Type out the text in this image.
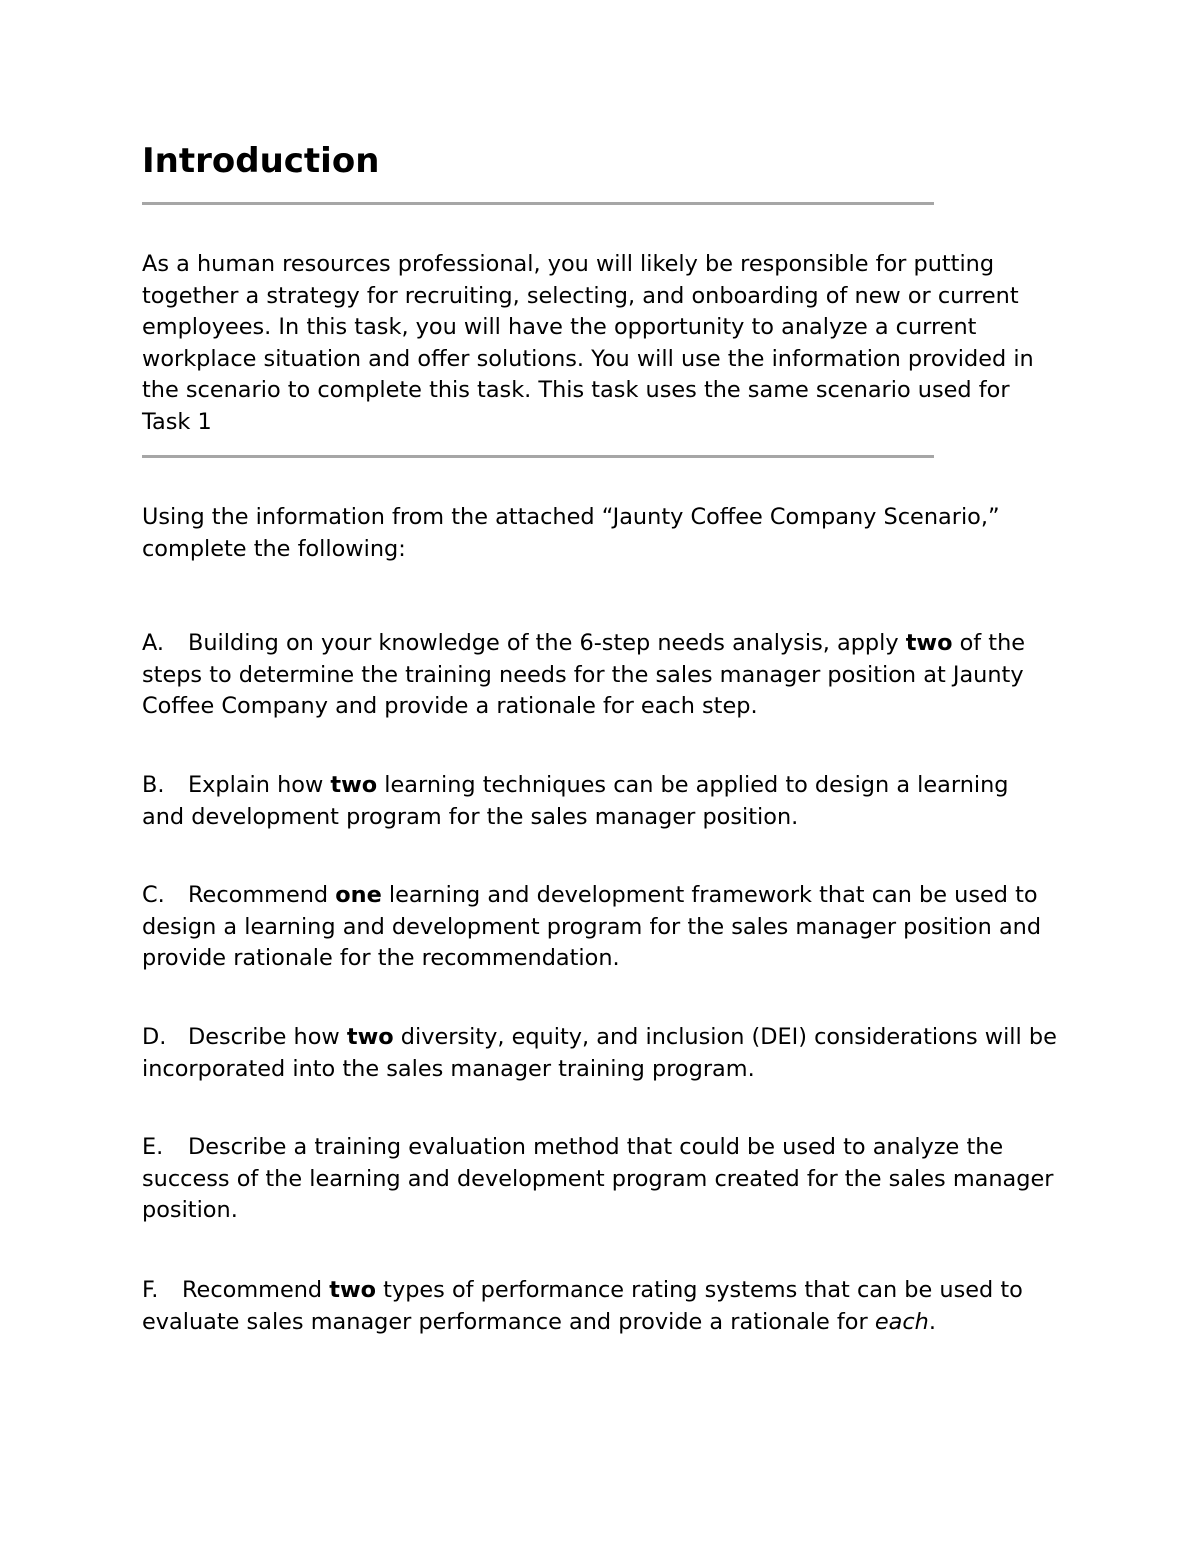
Introduction

As a human resources professional, you will likely be responsible for putting together a strategy for recruiting, selecting, and onboarding of new or current employees. In this task, you will have the opportunity to analyze a current workplace situation and offer solutions. You will use the information provided in the scenario to complete this task. This task uses the same scenario used for Task 1

Using the information from the attached “Jaunty Coffee Company Scenario,” complete the following:

A. Building on your knowledge of the 6-step needs analysis, apply two of the steps to determine the training needs for the sales manager position at Jaunty Coffee Company and provide a rationale for each step.

B. Explain how two learning techniques can be applied to design a learning and development program for the sales manager position.

C. Recommend one learning and development framework that can be used to design a learning and development program for the sales manager position and provide rationale for the recommendation.

D. Describe how two diversity, equity, and inclusion (DEI) considerations will be incorporated into the sales manager training program.

E. Describe a training evaluation method that could be used to analyze the success of the learning and development program created for the sales manager position.

F. Recommend two types of performance rating systems that can be used to evaluate sales manager performance and provide a rationale for each.
